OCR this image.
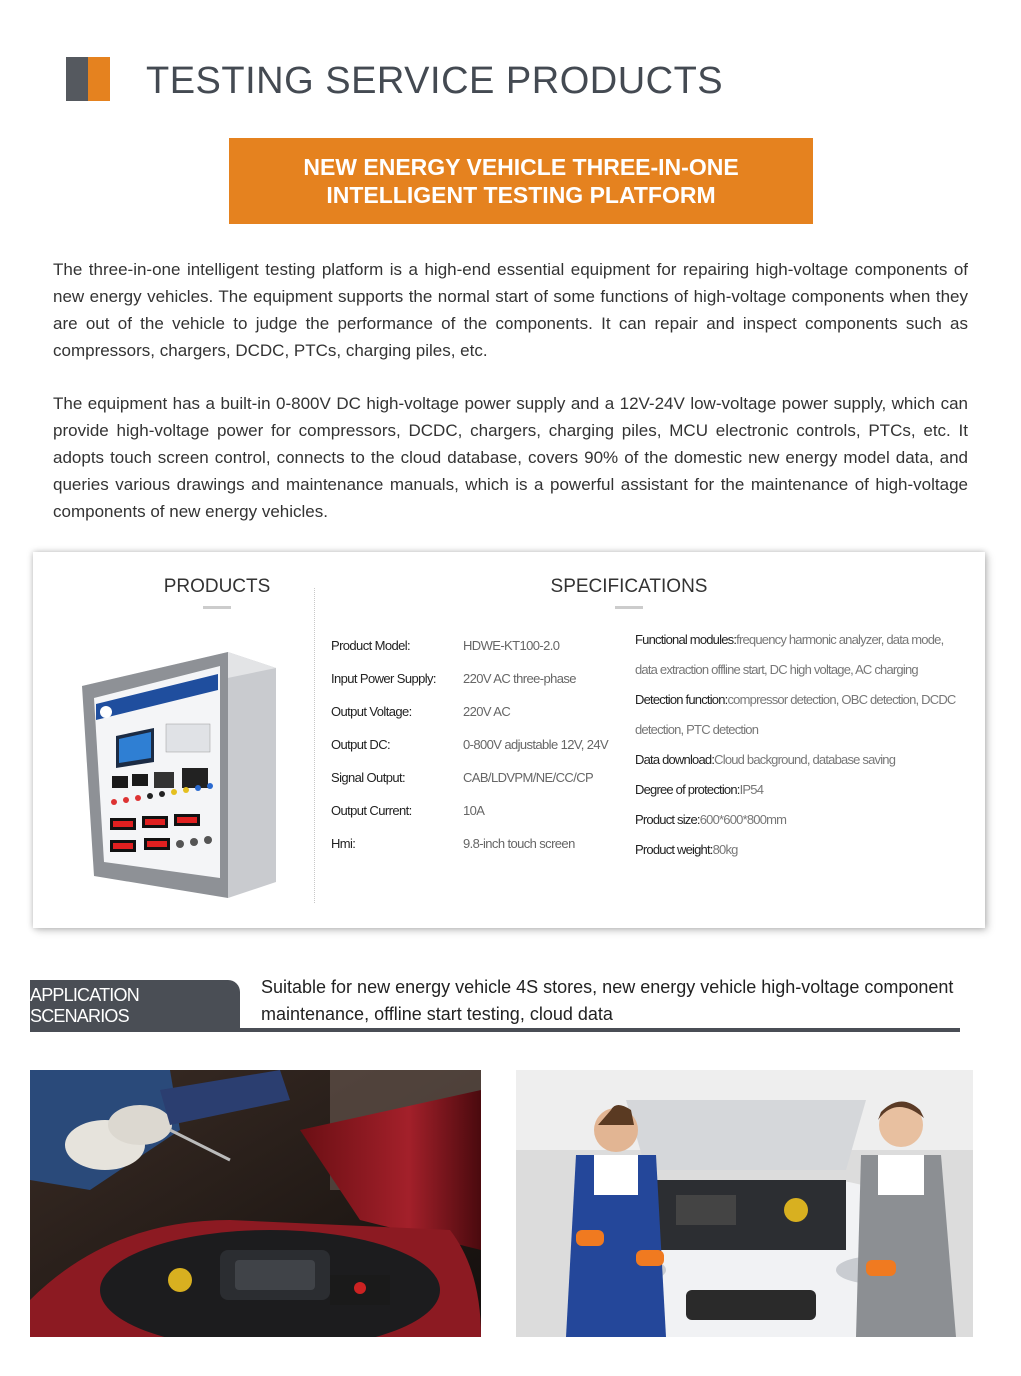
TESTING SERVICE PRODUCTS
NEW ENERGY VEHICLE THREE-IN-ONE
INTELLIGENT TESTING PLATFORM
The three-in-one intelligent testing platform is a high-end essential equipment for repairing high-voltage components of new energy vehicles. The equipment supports the normal start of some functions of high-voltage components when they are out of the vehicle to judge the performance of the components. It can repair and inspect components such as compressors, chargers, DCDC, PTCs, charging piles, etc.
The equipment has a built-in 0-800V DC high-voltage power supply and a 12V-24V low-voltage power supply, which can provide high-voltage power for compressors, DCDC, chargers, charging piles, MCU electronic controls, PTCs, etc. It adopts touch screen control, connects to the cloud database, covers 90% of the domestic new energy model data, and queries various drawings and maintenance manuals, which is a powerful assistant for the maintenance of high-voltage components of new energy vehicles.
PRODUCTS	SPECIFICATIONS
Product Model:	HDWE-KT100-2.0
Input Power Supply: 220V AC three-phase
Output Voltage:	220V AC
Output DC:	0-800V adjustable 12V, 24V
Signal Output:	CAB/LDVPM/NE/CC/CP
Output Current:	10A
Hmi:	9.8-inch touch screen
Functional modules:frequency harmonic analyzer, data mode,
data extraction offline start, DC high voltage, AC charging
Detection function:compressor detection, OBC detection, DCDC
detection, PTC detection
Data download:Cloud background, database saving
Degree of protection:IP54
Product size:600*600*800mm
Product weight:80kg
APPLICATION SCENARIOS
Suitable for new energy vehicle 4S stores, new energy vehicle high-voltage component
maintenance, offline start testing, cloud data
